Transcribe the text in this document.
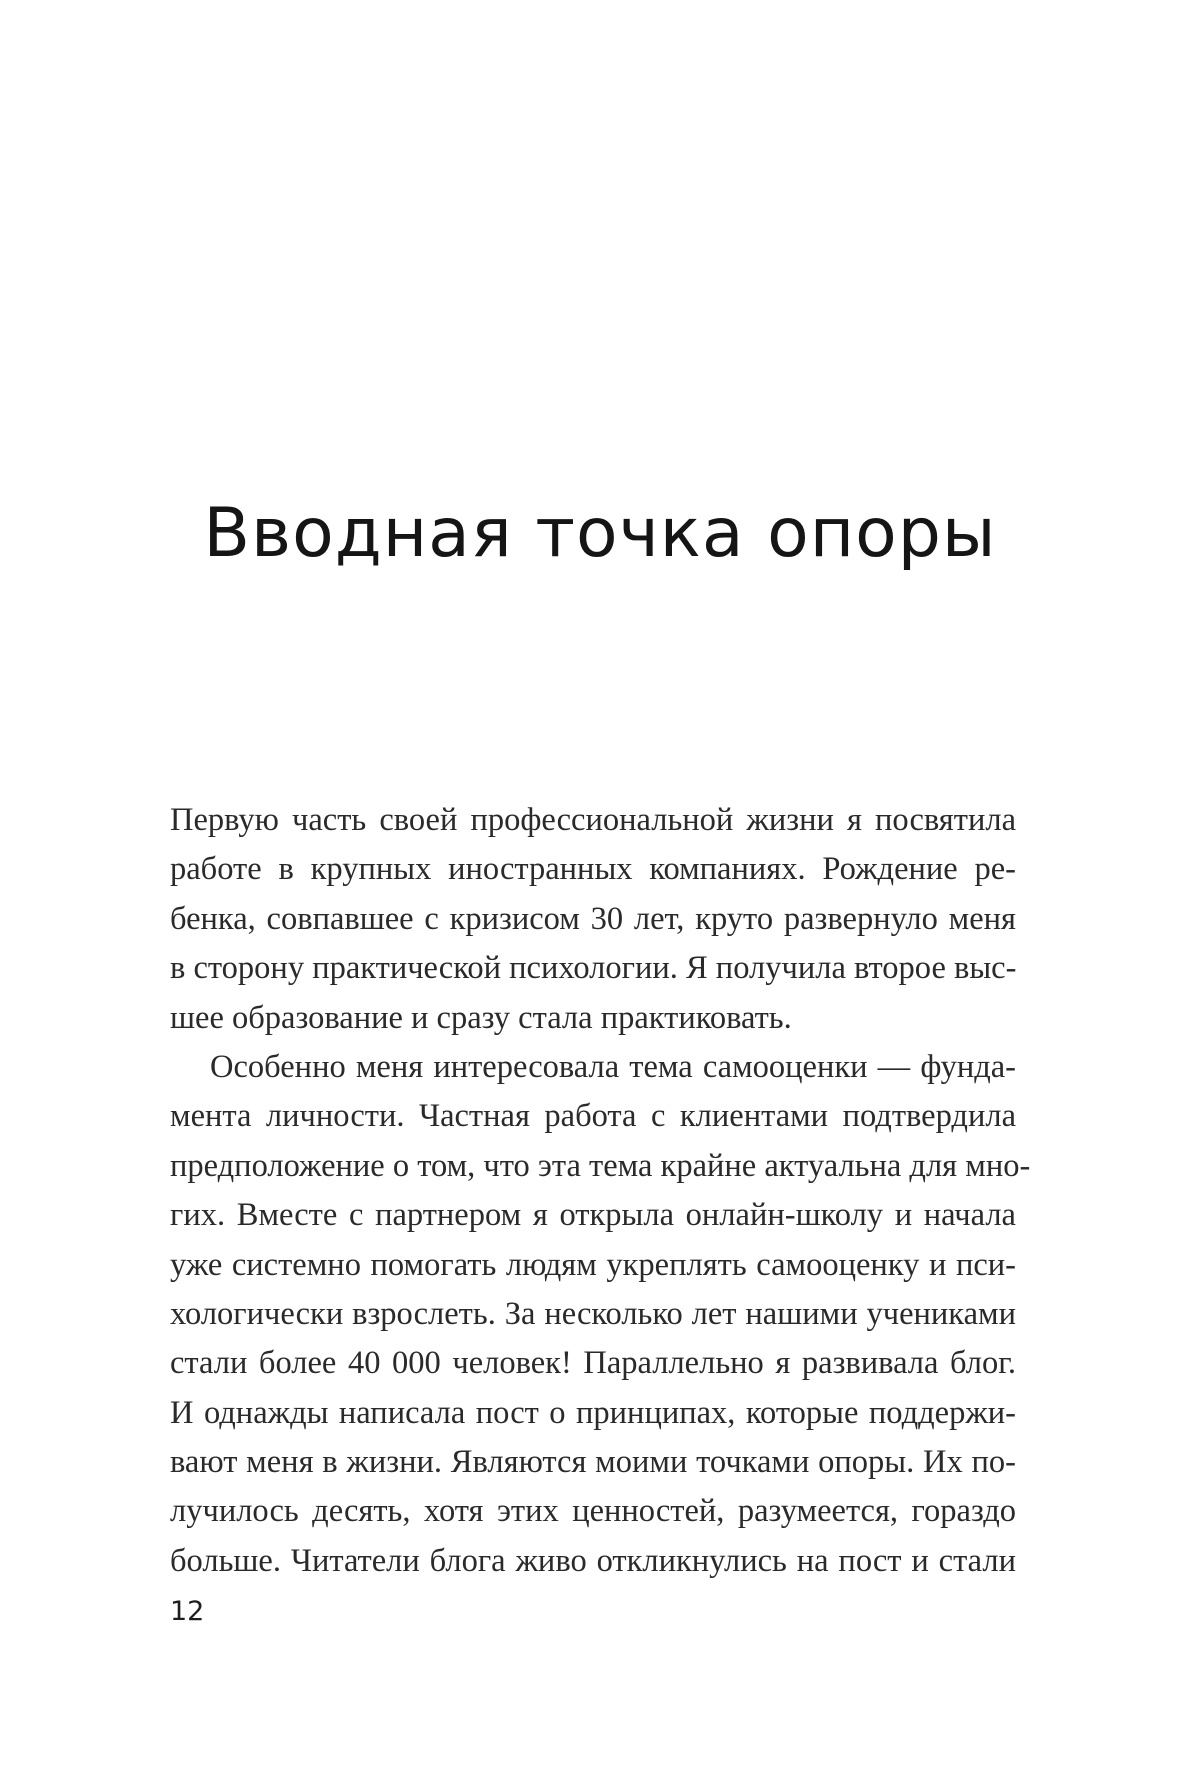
Вводная точка опоры
Первую часть своей профессиональной жизни я посвятила
работе в крупных иностранных компаниях. Рождение ре-
бенка, совпавшее с кризисом 30 лет, круто развернуло меня
в сторону практической психологии. Я получила второе выс-
шее образование и сразу стала практиковать.
Особенно меня интересовала тема самооценки — фунда-
мента личности. Частная работа с клиентами подтвердила
предположение о том, что эта тема крайне актуальна для мно-
гих. Вместе с партнером я открыла онлайн-школу и начала
уже системно помогать людям укреплять самооценку и пси-
хологически взрослеть. За несколько лет нашими учениками
стали более 40 000 человек! Параллельно я развивала блог.
И однажды написала пост о принципах, которые поддержи-
вают меня в жизни. Являются моими точками опоры. Их по-
лучилось десять, хотя этих ценностей, разумеется, гораздо
больше. Читатели блога живо откликнулись на пост и стали
12
